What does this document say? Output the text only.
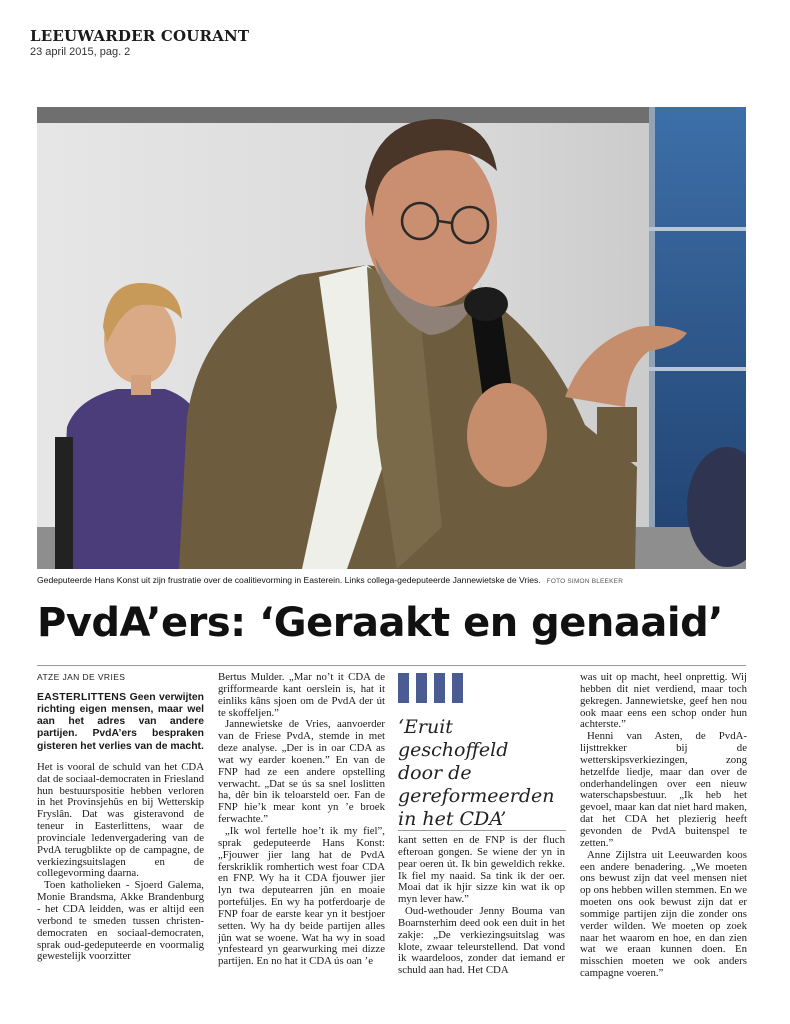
LEEUWARDER COURANT
23 april 2015, pag. 2
Gedeputeerde Hans Konst uit zijn frustratie over de coalitievorming in Easterein. Links collega-gedeputeerde Jannewietske de Vries. FOTO SIMON BLEEKER
PvdA’ers: ‘Geraakt en genaaid’
ATZE JAN DE VRIES
EASTERLITTENS Geen verwijten richting eigen mensen, maar wel aan het adres van andere partijen. PvdA’ers bespraken gisteren het verlies van de macht.

Het is vooral de schuld van het CDA dat de sociaal-democraten in Friesland hun bestuurspositie hebben verloren in het Provinsjehûs en bij Wetterskip Fryslân. Dat was gisteravond de teneur in Easterlittens, waar de provinciale ledenvergadering van de PvdA terugblikte op de campagne, de verkiezingsuitslagen en de collegevorming daarna.

Toen katholieken - Sjoerd Galema, Monie Brandsma, Akke Brandenburg - het CDA leidden, was er altijd een verbond te smeden tussen christen-democraten en sociaal-democraten, sprak oud-gedeputeerde en voormalig gewestelijk voorzitter

Bertus Mulder. „Mar no’t it CDA de grifformearde kant oerslein is, hat it einliks kâns sjoen om de PvdA der út te skoffeljen.”

Jannewietske de Vries, aanvoerder van de Friese PvdA, stemde in met deze analyse. „Der is in oar CDA as wat wy earder koenen.” En van de FNP had ze een andere opstelling verwacht. „Dat se ús sa snel loslitten ha, dêr bin ik teloarsteld oer. Fan de FNP hie’k mear kont yn ’e broek ferwachte.”

„Ik wol fertelle hoe’t ik my fiel”, sprak gedeputeerde Hans Konst: „Fjouwer jier lang hat de PvdA ferskriklik romhertich west foar CDA en FNP. Wy ha it CDA fjouwer jier lyn twa deputearren jûn en moaie portefúljes. En wy ha potferdoarje de FNP foar de earste kear yn it bestjoer setten. Wy ha dy beide partijen alles jûn wat se woene. Wat ha wy in soad ynfesteard yn gearwurking mei dizze partijen. En no hat it CDA ús oan ’e

‘Eruit geschoffeld door de gereformeerden in het CDA’

kant setten en de FNP is der fluch efteroan gongen. Se wiene der yn in pear oeren út. Ik bin geweldich rekke. Ik fiel my naaid. Sa tink ik der oer. Moai dat ik hjir sizze kin wat ik op myn lever haw.”

Oud-wethouder Jenny Bouma van Boarnsterhim deed ook een duit in het zakje: „De verkiezingsuitslag was klote, zwaar teleurstellend. Dat vond ik waardeloos, zonder dat iemand er schuld aan had. Het CDA

was uit op macht, heel onprettig. Wij hebben dit niet verdiend, maar toch gekregen. Jannewietske, geef hen nou ook maar eens een schop onder hun achterste.”

Henni van Asten, de PvdA-lijsttrekker bij de wetterskipsverkiezingen, zong hetzelfde liedje, maar dan over de onderhandelingen over een nieuw waterschapsbestuur. „Ik heb het gevoel, maar kan dat niet hard maken, dat het CDA het plezierig heeft gevonden de PvdA buitenspel te zetten.”

Anne Zijlstra uit Leeuwarden koos een andere benadering. „We moeten ons bewust zijn dat veel mensen niet op ons hebben willen stemmen. En we moeten ons ook bewust zijn dat er sommige partijen zijn die zonder ons verder wilden. We moeten op zoek naar het waarom en hoe, en dan zien wat we eraan kunnen doen. En misschien moeten we ook anders campagne voeren.”
